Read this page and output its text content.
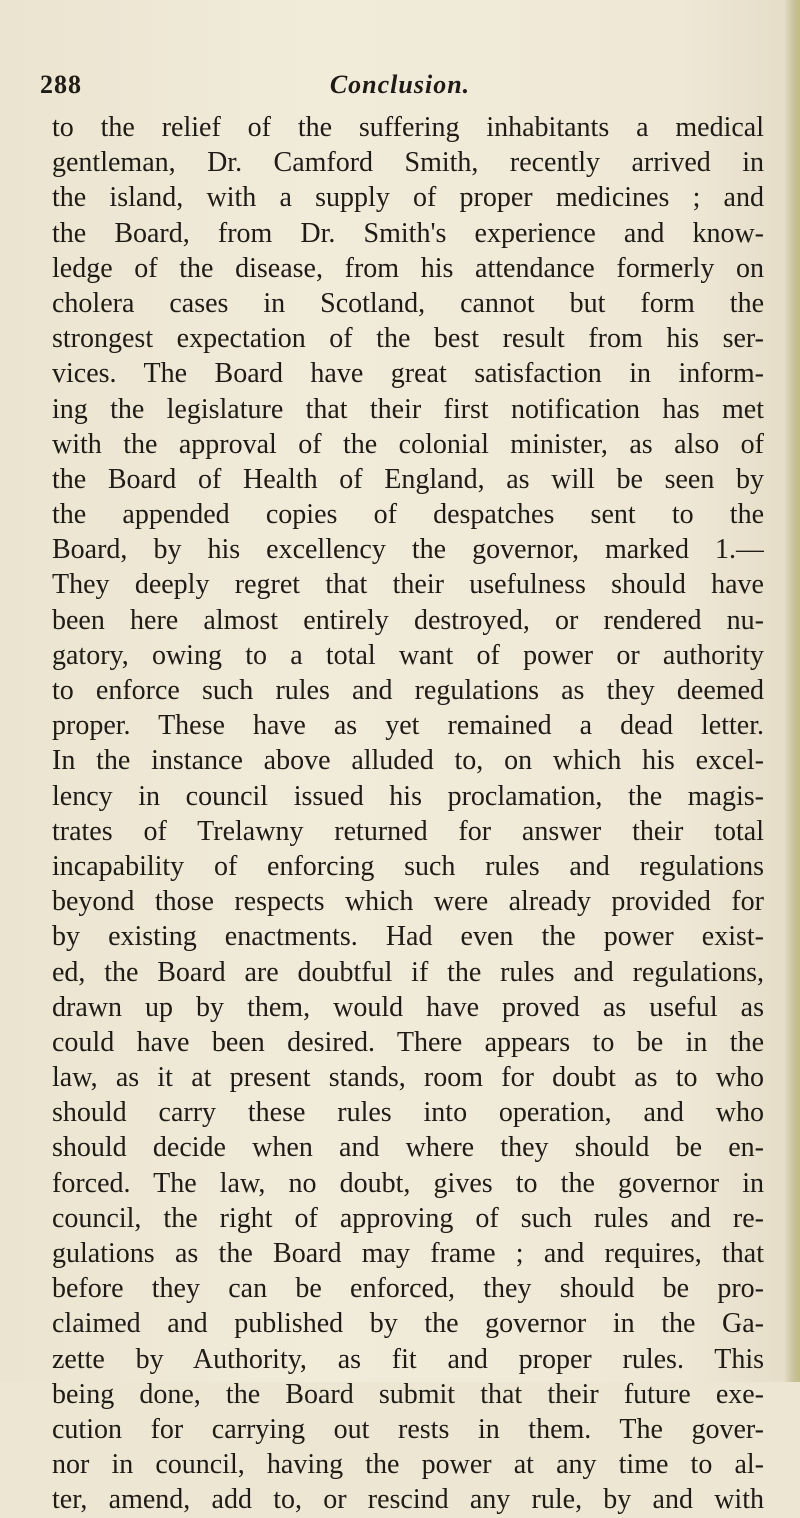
Conclusion.
288
to the relief of the suffering inhabitants a medical
gentleman, Dr. Camford Smith, recently arrived in
the island, with a supply of proper medicines ; and
the Board, from Dr. Smith's experience and know-
ledge of the disease, from his attendance formerly on
cholera cases in Scotland, cannot but form the
strongest expectation of the best result from his ser-
vices. The Board have great satisfaction in inform-
ing the legislature that their first notification has met
with the approval of the colonial minister, as also of
the Board of Health of England, as will be seen by
the appended copies of despatches sent to the
Board, by his excellency the governor, marked 1.—
They deeply regret that their usefulness should have
been here almost entirely destroyed, or rendered nu-
gatory, owing to a total want of power or authority
to enforce such rules and regulations as they deemed
proper. These have as yet remained a dead letter.
In the instance above alluded to, on which his excel-
lency in council issued his proclamation, the magis-
trates of Trelawny returned for answer their total
incapability of enforcing such rules and regulations
beyond those respects which were already provided for
by existing enactments. Had even the power exist-
ed, the Board are doubtful if the rules and regulations,
drawn up by them, would have proved as useful as
could have been desired. There appears to be in the
law, as it at present stands, room for doubt as to who
should carry these rules into operation, and who
should decide when and where they should be en-
forced. The law, no doubt, gives to the governor in
council, the right of approving of such rules and re-
gulations as the Board may frame ; and requires, that
before they can be enforced, they should be pro-
claimed and published by the governor in the Ga-
zette by Authority, as fit and proper rules. This
being done, the Board submit that their future exe-
cution for carrying out rests in them. The gover-
nor in council, having the power at any time to al-
ter, amend, add to, or rescind any rule, by and with
